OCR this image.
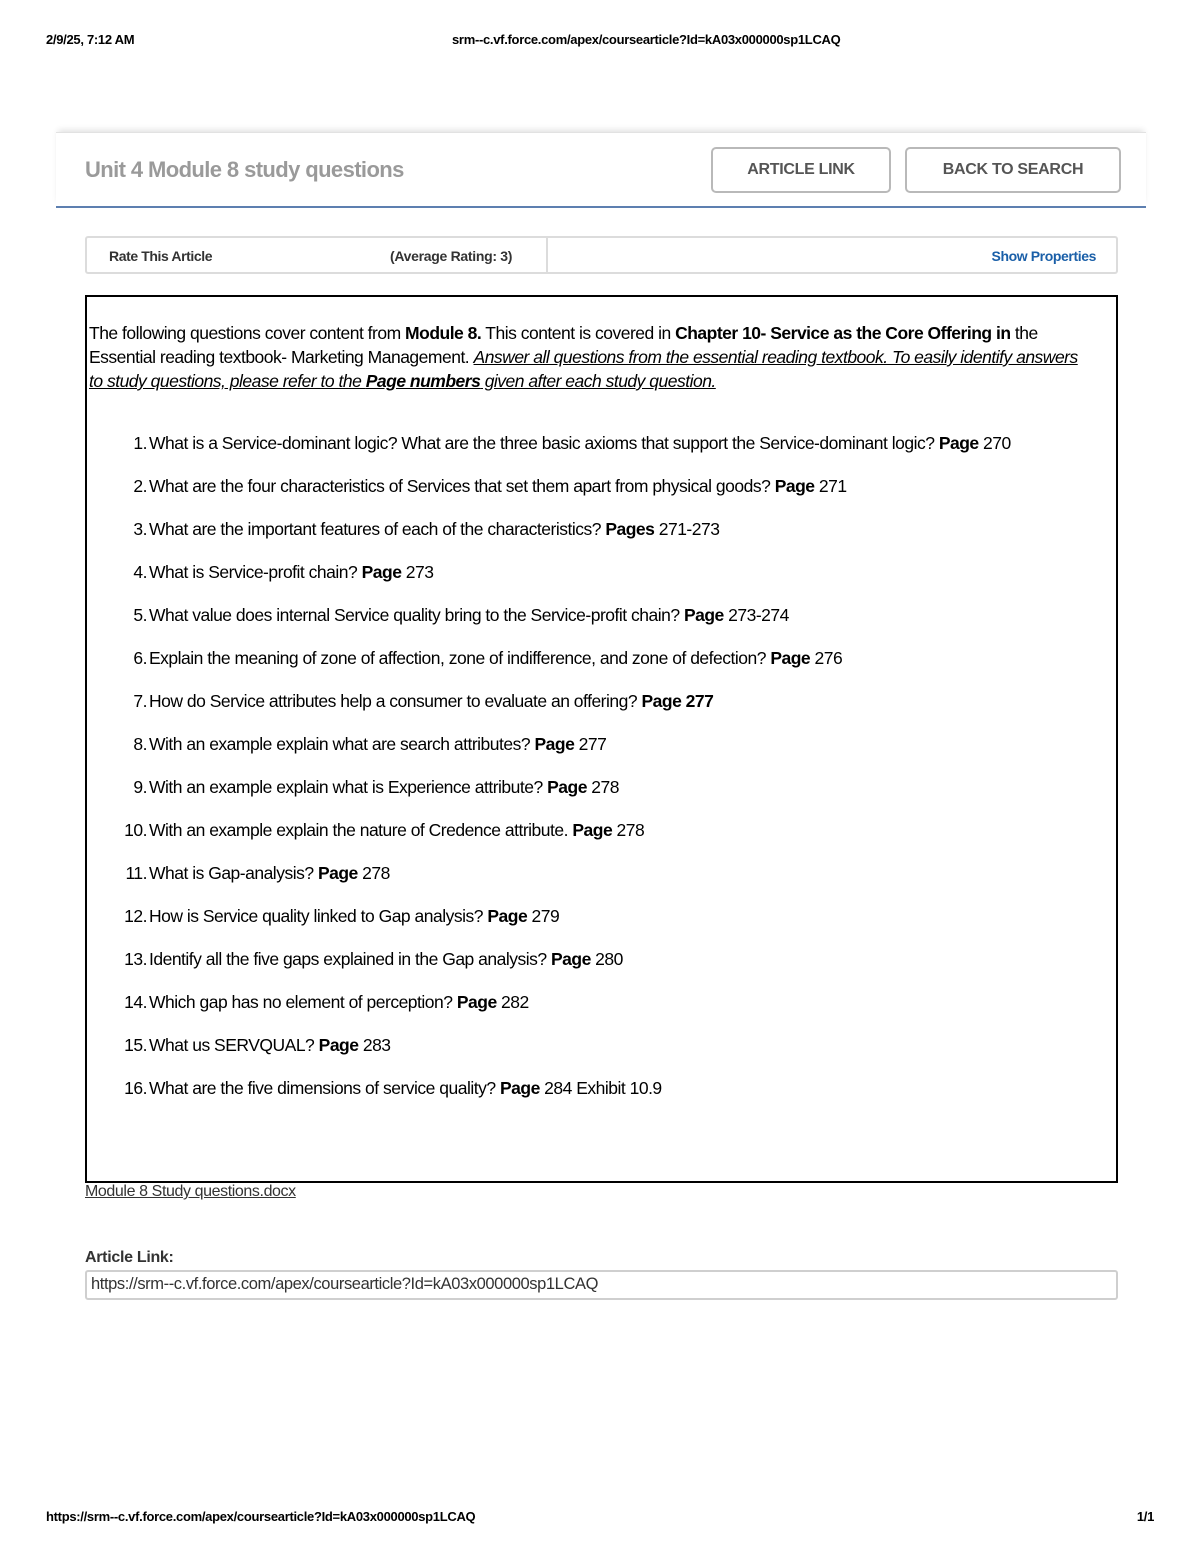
2/9/25, 7:12 AM	srm--c.vf.force.com/apex/coursearticle?Id=kA03x000000sp1LCAQ
Unit 4 Module 8 study questions	ARTICLE LINK	BACK TO SEARCH
Rate This Article	(Average Rating: 3)	Show Properties

The following questions cover content from Module 8. This content is covered in Chapter 10- Service as the Core Offering in the Essential reading textbook- Marketing Management. Answer all questions from the essential reading textbook. To easily identify answers to study questions, please refer to the Page numbers given after each study question.

1. What is a Service-dominant logic? What are the three basic axioms that support the Service-dominant logic? Page 270
2. What are the four characteristics of Services that set them apart from physical goods? Page 271
3. What are the important features of each of the characteristics? Pages 271-273
4. What is Service-profit chain? Page 273
5. What value does internal Service quality bring to the Service-profit chain? Page 273-274
6. Explain the meaning of zone of affection, zone of indifference, and zone of defection? Page 276
7. How do Service attributes help a consumer to evaluate an offering? Page 277
8. With an example explain what are search attributes? Page 277
9. With an example explain what is Experience attribute? Page 278
10. With an example explain the nature of Credence attribute. Page 278
11. What is Gap-analysis? Page 278
12. How is Service quality linked to Gap analysis? Page 279
13. Identify all the five gaps explained in the Gap analysis? Page 280
14. Which gap has no element of perception? Page 282
15. What us SERVQUAL? Page 283
16. What are the five dimensions of service quality? Page 284 Exhibit 10.9
Module 8 Study questions.docx
Article Link:
https://srm--c.vf.force.com/apex/coursearticle?Id=kA03x000000sp1LCAQ
https://srm--c.vf.force.com/apex/coursearticle?Id=kA03x000000sp1LCAQ	1/1
